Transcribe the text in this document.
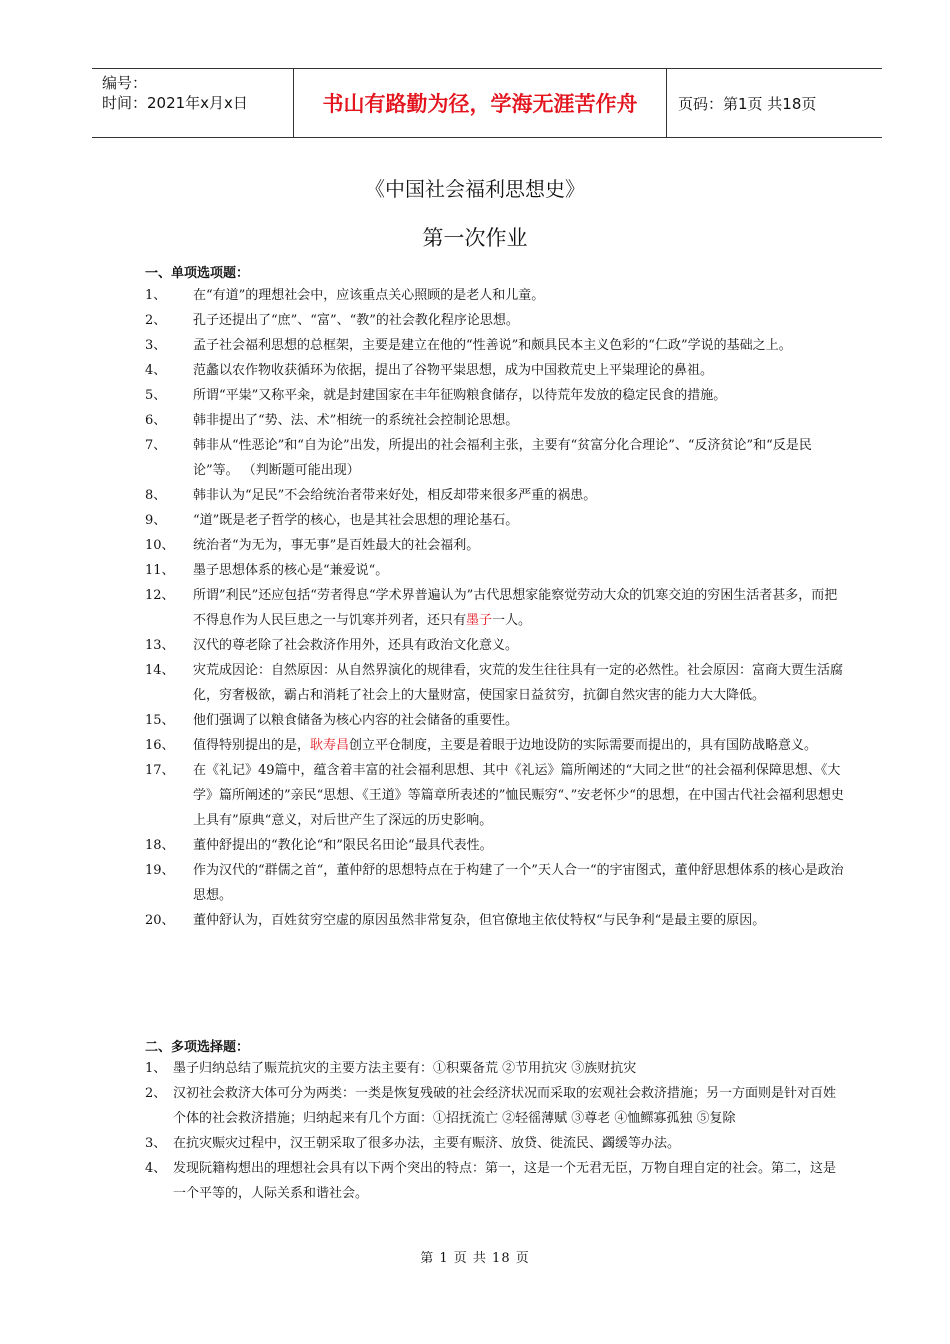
编号：
时间：2021年x月x日	书山有路勤为径，学海无涯苦作舟	页码：第1页 共18页
《中国社会福利思想史》
第一次作业
一、单项选项题：
1、	在“有道”的理想社会中，应该重点关心照顾的是老人和儿童。
2、	孔子还提出了“庶”、“富”、“教”的社会教化程序论思想。
3、	孟子社会福利思想的总框架，主要是建立在他的“性善说”和颇具民本主义色彩的“仁政”学说的基础之上。
4、	范蠡以农作物收获循环为依据，提出了谷物平粜思想，成为中国救荒史上平粜理论的鼻祖。
5、	所谓“平粜”又称平籴，就是封建国家在丰年征购粮食储存，以待荒年发放的稳定民食的措施。
6、	韩非提出了“势、法、术”相统一的系统社会控制论思想。
7、	韩非从“性恶论”和“自为论”出发，所提出的社会福利主张，主要有“贫富分化合理论”、“反济贫论”和“反是民论”等。 （判断题可能出现）
8、	韩非认为“足民”不会给统治者带来好处，相反却带来很多严重的祸患。
9、	“道”既是老子哲学的核心，也是其社会思想的理论基石。
10、	统治者“为无为，事无事”是百姓最大的社会福利。
11、	墨子思想体系的核心是“兼爱说“。
12、	所谓”利民”还应包括“劳者得息“学术界普遍认为”古代思想家能察觉劳动大众的饥寒交迫的穷困生活者甚多，而把不得息作为人民巨患之一与饥寒并列者，还只有墨子一人。
13、	汉代的尊老除了社会救济作用外，还具有政治文化意义。
14、	灾荒成因论：自然原因：从自然界演化的规律看，灾荒的发生往往具有一定的必然性。社会原因：富商大贾生活腐化，穷奢极欲，霸占和消耗了社会上的大量财富，使国家日益贫穷，抗御自然灾害的能力大大降低。
15、	他们强调了以粮食储备为核心内容的社会储备的重要性。
16、	值得特别提出的是，耿寿昌创立平仓制度，主要是着眼于边地设防的实际需要而提出的，具有国防战略意义。
17、	在《礼记》49篇中，蕴含着丰富的社会福利思想、其中《礼运》篇所阐述的“大同之世“的社会福利保障思想、《大学》篇所阐述的”亲民“思想、《王道》等篇章所表述的”恤民赈穷“、”安老怀少“的思想，在中国古代社会福利思想史上具有”原典“意义，对后世产生了深远的历史影响。
18、	董仲舒提出的“教化论“和”限民名田论“最具代表性。
19、	作为汉代的“群儒之首“，董仲舒的思想特点在于构建了一个”天人合一“的宇宙图式，董仲舒思想体系的核心是政治思想。
20、	董仲舒认为，百姓贫穷空虚的原因虽然非常复杂，但官僚地主依仗特权“与民争利“是最主要的原因。
二、多项选择题：
1、 墨子归纳总结了赈荒抗灾的主要方法主要有：①积粟备荒 ②节用抗灾 ③族财抗灾
2、 汉初社会救济大体可分为两类：一类是恢复残破的社会经济状况而采取的宏观社会救济措施；另一方面则是针对百姓个体的社会救济措施；归纳起来有几个方面：①招抚流亡 ②轻徭薄赋 ③尊老 ④恤鳏寡孤独 ⑤复除
3、 在抗灾赈灾过程中，汉王朝采取了很多办法，主要有赈济、放贷、徙流民、蠲缓等办法。
4、 发现阮籍构想出的理想社会具有以下两个突出的特点：第一，这是一个无君无臣，万物自理自定的社会。第二，这是一个平等的，人际关系和谐社会。
第 1 页 共 18 页
